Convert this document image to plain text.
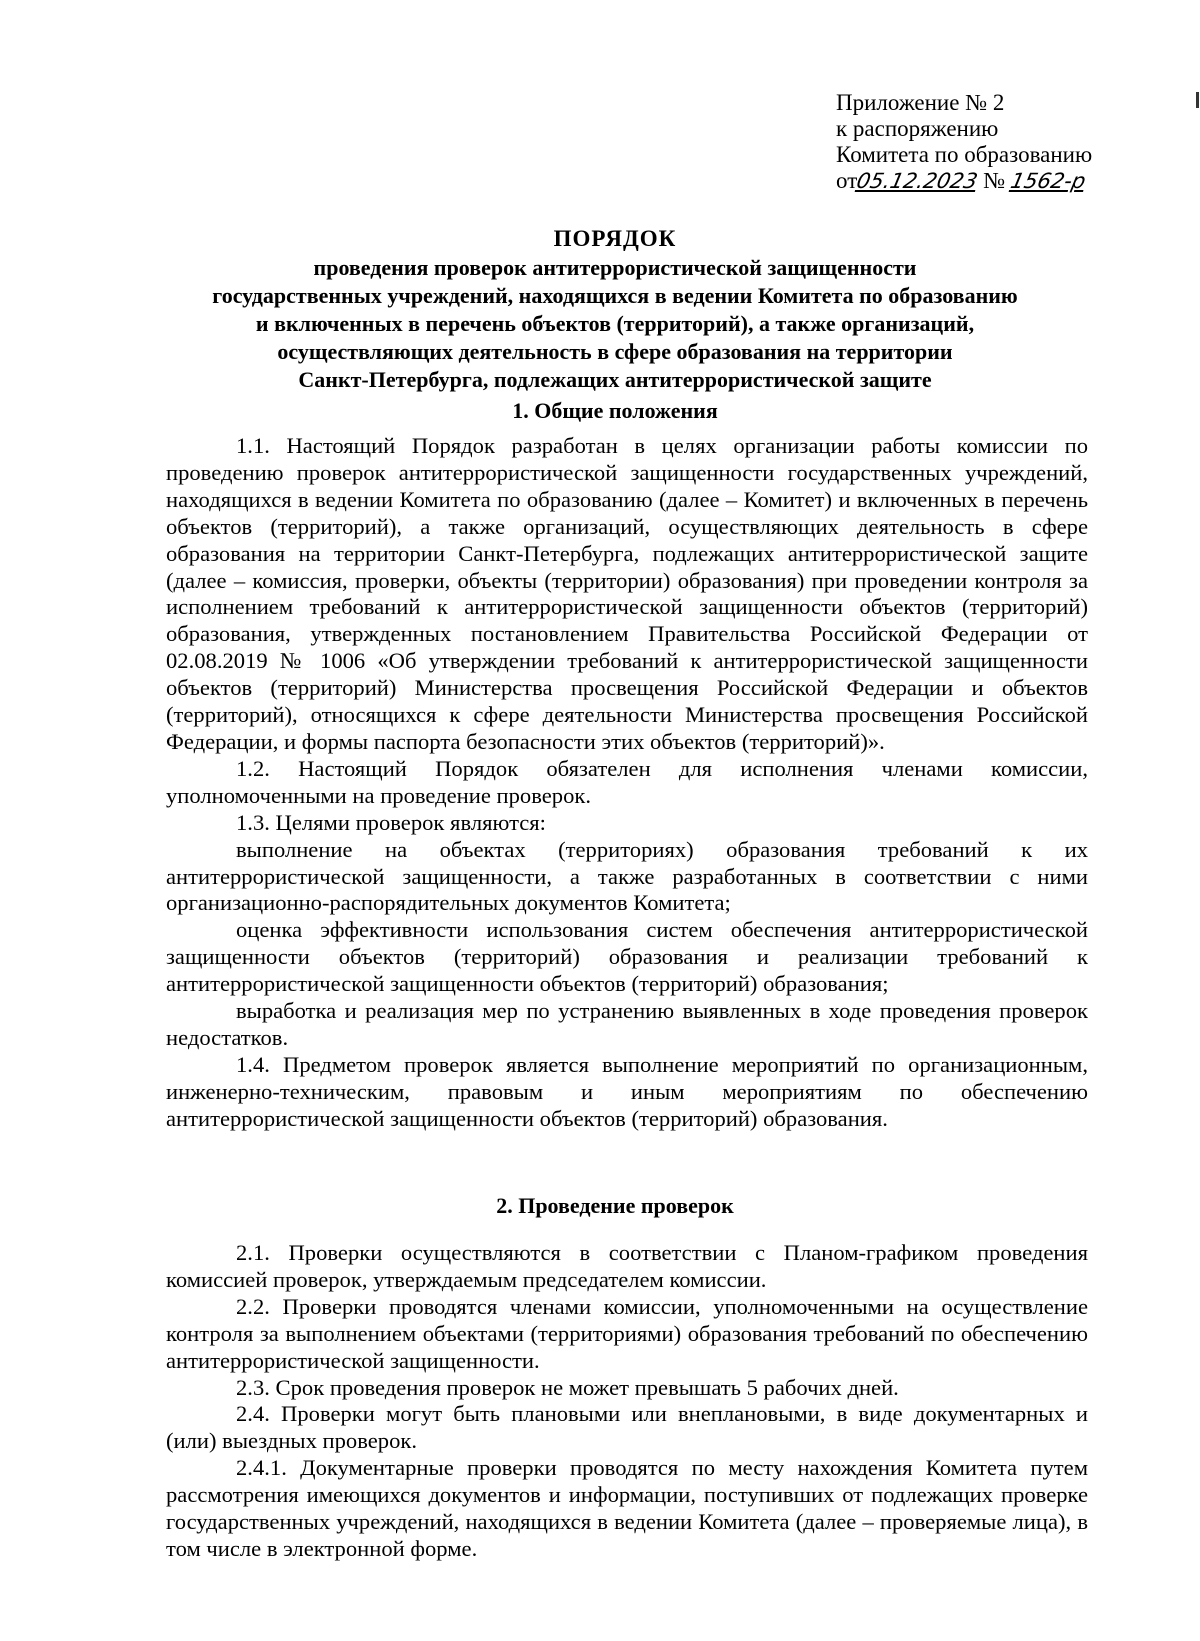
Приложение № 2
к распоряжению
Комитета по образованию
от05.12.2023 № 1562-р
ПОРЯДОК
проведения проверок антитеррористической защищенности
государственных учреждений, находящихся в ведении Комитета по образованию
и включенных в перечень объектов (территорий), а также организаций,
осуществляющих деятельность в сфере образования на территории
Санкт-Петербурга, подлежащих антитеррористической защите
1. Общие положения

1.1. Настоящий Порядок разработан в целях организации работы комиссии по проведению проверок антитеррористической защищенности государственных учреждений, находящихся в ведении Комитета по образованию (далее – Комитет) и включенных в перечень объектов (территорий), а также организаций, осуществляющих деятельность в сфере образования на территории Санкт-Петербурга, подлежащих антитеррористической защите (далее – комиссия, проверки, объекты (территории) образования) при проведении контроля за исполнением требований к антитеррористической защищенности объектов (территорий) образования, утвержденных постановлением Правительства Российской Федерации от 02.08.2019 № 1006 «Об утверждении требований к антитеррористической защищенности объектов (территорий) Министерства просвещения Российской Федерации и объектов (территорий), относящихся к сфере деятельности Министерства просвещения Российской Федерации, и формы паспорта безопасности этих объектов (территорий)».

1.2. Настоящий Порядок обязателен для исполнения членами комиссии, уполномоченными на проведение проверок.

1.3. Целями проверок являются:

выполнение на объектах (территориях) образования требований к их антитеррористической защищенности, а также разработанных в соответствии с ними организационно-распорядительных документов Комитета;

оценка эффективности использования систем обеспечения антитеррористической защищенности объектов (территорий) образования и реализации требований к антитеррористической защищенности объектов (территорий) образования;

выработка и реализация мер по устранению выявленных в ходе проведения проверок недостатков.

1.4. Предметом проверок является выполнение мероприятий по организационным, инженерно-техническим, правовым и иным мероприятиям по обеспечению антитеррористической защищенности объектов (территорий) образования.

2. Проведение проверок

2.1. Проверки осуществляются в соответствии с Планом-графиком проведения комиссией проверок, утверждаемым председателем комиссии.

2.2. Проверки проводятся членами комиссии, уполномоченными на осуществление контроля за выполнением объектами (территориями) образования требований по обеспечению антитеррористической защищенности.

2.3. Срок проведения проверок не может превышать 5 рабочих дней.

2.4. Проверки могут быть плановыми или внеплановыми, в виде документарных и (или) выездных проверок.

2.4.1. Документарные проверки проводятся по месту нахождения Комитета путем рассмотрения имеющихся документов и информации, поступивших от подлежащих проверке государственных учреждений, находящихся в ведении Комитета (далее – проверяемые лица), в том числе в электронной форме.
